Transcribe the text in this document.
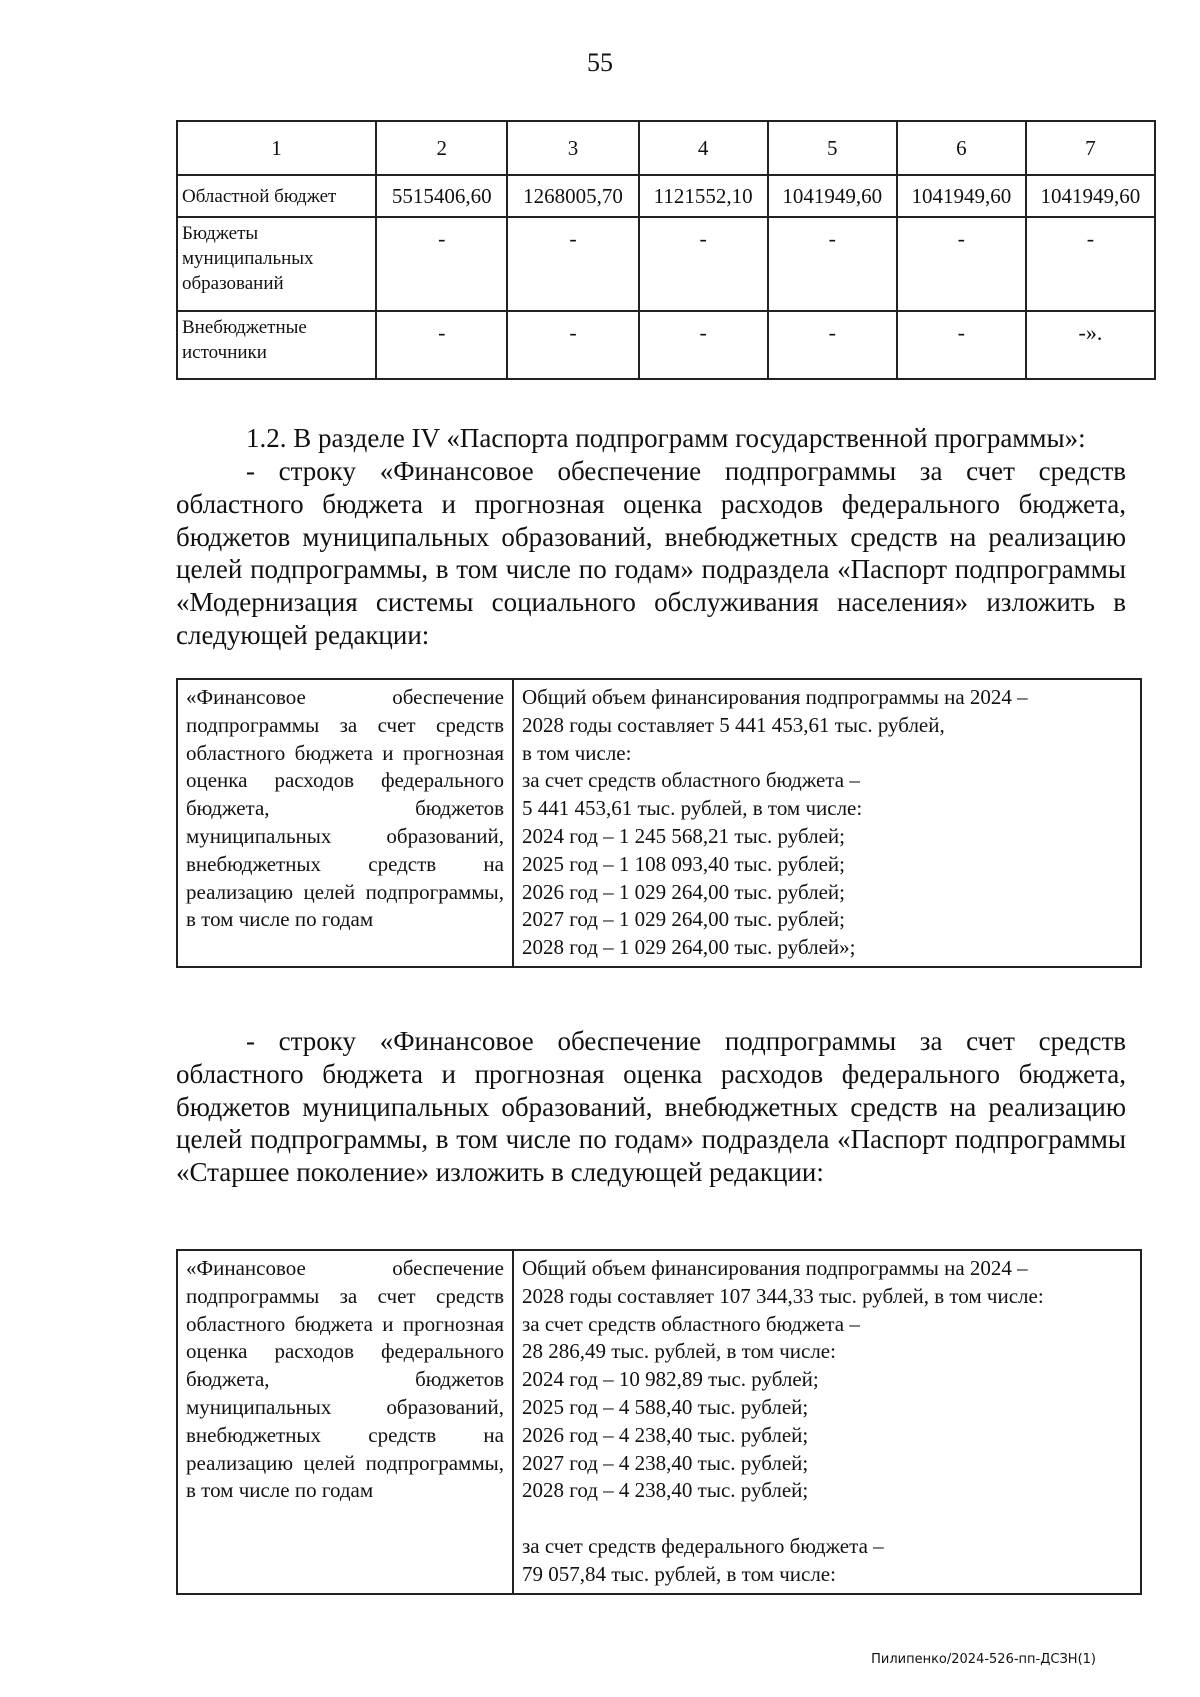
55
1	2	3	4	5	6	7
Областной бюджет	5515406,60	1268005,70	1121552,10	1041949,60	1041949,60	1041949,60
Бюджеты муниципальных образований	-	-	-	-	-	-
Внебюджетные источники	-	-	-	-	-	-».

1.2. В разделе IV «Паспорта подпрограмм государственной программы»:

- строку «Финансовое обеспечение подпрограммы за счет средств областного бюджета и прогнозная оценка расходов федерального бюджета, бюджетов муниципальных образований, внебюджетных средств на реализацию целей подпрограммы, в том числе по годам» подраздела «Паспорт подпрограммы «Модернизация системы социального обслуживания населения» изложить в следующей редакции:

«Финансовое обеспечение подпрограммы за счет средств областного бюджета и прогнозная оценка расходов федерального бюджета, бюджетов муниципальных образований, внебюджетных средств на реализацию целей подпрограммы, в том числе по годам	
Общий объем финансирования подпрограммы на 2024 –
2028 годы составляет 5 441 453,61 тыс. рублей,
в том числе:
за счет средств областного бюджета –
5 441 453,61 тыс. рублей, в том числе:
2024 год – 1 245 568,21 тыс. рублей;
2025 год – 1 108 093,40 тыс. рублей;
2026 год – 1 029 264,00 тыс. рублей;
2027 год – 1 029 264,00 тыс. рублей;
2028 год – 1 029 264,00 тыс. рублей»;

- строку «Финансовое обеспечение подпрограммы за счет средств областного бюджета и прогнозная оценка расходов федерального бюджета, бюджетов муниципальных образований, внебюджетных средств на реализацию целей подпрограммы, в том числе по годам» подраздела «Паспорт подпрограммы «Старшее поколение» изложить в следующей редакции:

«Финансовое обеспечение подпрограммы за счет средств областного бюджета и прогнозная оценка расходов федерального бюджета, бюджетов муниципальных образований, внебюджетных средств на реализацию целей подпрограммы, в том числе по годам	
Общий объем финансирования подпрограммы на 2024 –
2028 годы составляет 107 344,33 тыс. рублей, в том числе:
за счет средств областного бюджета –
28 286,49 тыс. рублей, в том числе:
2024 год – 10 982,89 тыс. рублей;
2025 год – 4 588,40 тыс. рублей;
2026 год – 4 238,40 тыс. рублей;
2027 год – 4 238,40 тыс. рублей;
2028 год – 4 238,40 тыс. рублей;
за счет средств федерального бюджета –
79 057,84 тыс. рублей, в том числе:
Пилипенко/2024-526-пп-ДСЗН(1)
